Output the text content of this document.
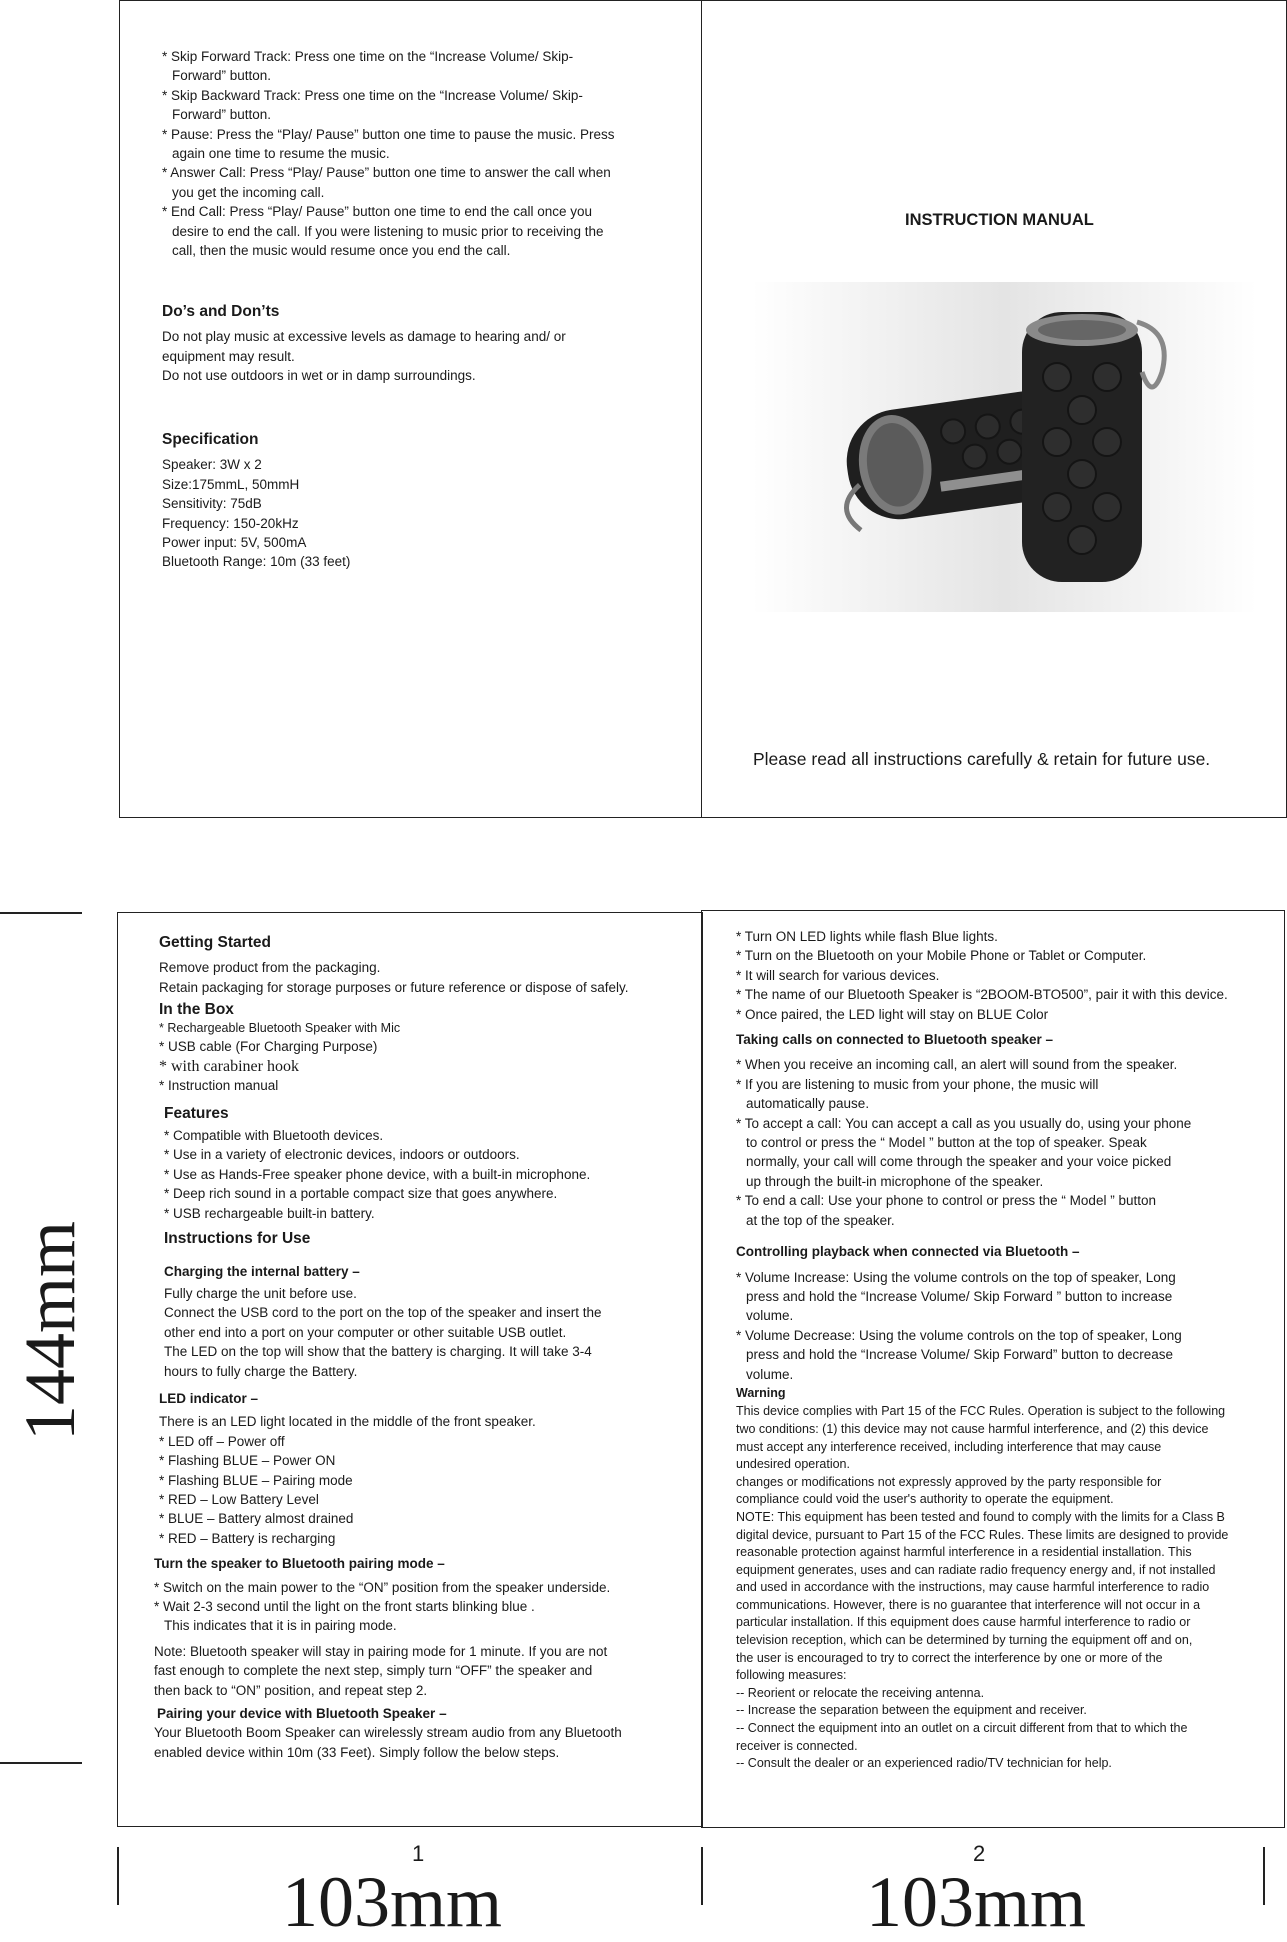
* Skip Forward Track: Press one time on the “Increase Volume/ Skip-
Forward” button.
* Skip Backward Track: Press one time on the “Increase Volume/ Skip-
Forward” button.
* Pause: Press the “Play/ Pause” button one time to pause the music. Press
again one time to resume the music.
* Answer Call: Press “Play/ Pause” button one time to answer the call when
you get the incoming call.
* End Call: Press “Play/ Pause” button one time to end the call once you
desire to end the call. If you were listening to music prior to receiving the
call, then the music would resume once you end the call.
Do’s and Don’ts
Do not play music at excessive levels as damage to hearing and/ or
equipment may result.
Do not use outdoors in wet or in damp surroundings.
Specification
Speaker: 3W x 2
Size:175mmL, 50mmH
Sensitivity: 75dB
Frequency: 150-20kHz
Power input: 5V, 500mA
Bluetooth Range: 10m (33 feet)
INSTRUCTION MANUAL
Please read all instructions carefully & retain for future use.
144mm
Getting Started
Remove product from the packaging.
Retain packaging for storage purposes or future reference or dispose of safely.
In the Box
* Rechargeable Bluetooth Speaker with Mic
* USB cable (For Charging Purpose)
* with carabiner hook
* Instruction manual
Features
* Compatible with Bluetooth devices.
* Use in a variety of electronic devices, indoors or outdoors.
* Use as Hands-Free speaker phone device, with a built-in microphone.
* Deep rich sound in a portable compact size that goes anywhere.
* USB rechargeable built-in battery.
Instructions for Use
Charging the internal battery –
Fully charge the unit before use.
Connect the USB cord to the port on the top of the speaker and insert the
other end into a port on your computer or other suitable USB outlet.
The LED on the top will show that the battery is charging. It will take 3-4
hours to fully charge the Battery.
LED indicator –
There is an LED light located in the middle of the front speaker.
* LED off – Power off
* Flashing BLUE – Power ON
* Flashing BLUE – Pairing mode
* RED – Low Battery Level
* BLUE – Battery almost drained
* RED – Battery is recharging
Turn the speaker to Bluetooth pairing mode –
* Switch on the main power to the “ON” position from the speaker underside.
* Wait 2-3 second until the light on the front starts blinking blue .
This indicates that it is in pairing mode.
Note: Bluetooth speaker will stay in pairing mode for 1 minute. If you are not
fast enough to complete the next step, simply turn “OFF” the speaker and
then back to “ON” position, and repeat step 2.
Pairing your device with Bluetooth Speaker –
Your Bluetooth Boom Speaker can wirelessly stream audio from any Bluetooth
enabled device within 10m (33 Feet). Simply follow the below steps.
* Turn ON LED lights while flash Blue lights.
* Turn on the Bluetooth on your Mobile Phone or Tablet or Computer.
* It will search for various devices.
* The name of our Bluetooth Speaker is “2BOOM-BTO500”, pair it with this device.
* Once paired, the LED light will stay on BLUE Color
Taking calls on connected to Bluetooth speaker –
* When you receive an incoming call, an alert will sound from the speaker.
* If you are listening to music from your phone, the music will
automatically pause.
* To accept a call: You can accept a call as you usually do, using your phone
to control or press the “ Model ” button at the top of speaker. Speak
normally, your call will come through the speaker and your voice picked
up through the built-in microphone of the speaker.
* To end a call: Use your phone to control or press the “ Model ” button
at the top of the speaker.
Controlling playback when connected via Bluetooth –
* Volume Increase: Using the volume controls on the top of speaker, Long
press and hold the “Increase Volume/ Skip Forward ” button to increase
volume.
* Volume Decrease: Using the volume controls on the top of speaker, Long
press and hold the “Increase Volume/ Skip Forward” button to decrease
volume.
Warning
This device complies with Part 15 of the FCC Rules. Operation is subject to the following
two conditions: (1) this device may not cause harmful interference, and (2) this device
must accept any interference received, including interference that may cause
undesired operation.
changes or modifications not expressly approved by the party responsible for
compliance could void the user's authority to operate the equipment.
NOTE: This equipment has been tested and found to comply with the limits for a Class B
digital device, pursuant to Part 15 of the FCC Rules. These limits are designed to provide
reasonable protection against harmful interference in a residential installation. This
equipment generates, uses and can radiate radio frequency energy and, if not installed
and used in accordance with the instructions, may cause harmful interference to radio
communications. However, there is no guarantee that interference will not occur in a
particular installation. If this equipment does cause harmful interference to radio or
television reception, which can be determined by turning the equipment off and on,
the user is encouraged to try to correct the interference by one or more of the
following measures:
-- Reorient or relocate the receiving antenna.
-- Increase the separation between the equipment and receiver.
-- Connect the equipment into an outlet on a circuit different from that to which the
receiver is connected.
-- Consult the dealer or an experienced radio/TV technician for help.
1	2
103mm	103mm
